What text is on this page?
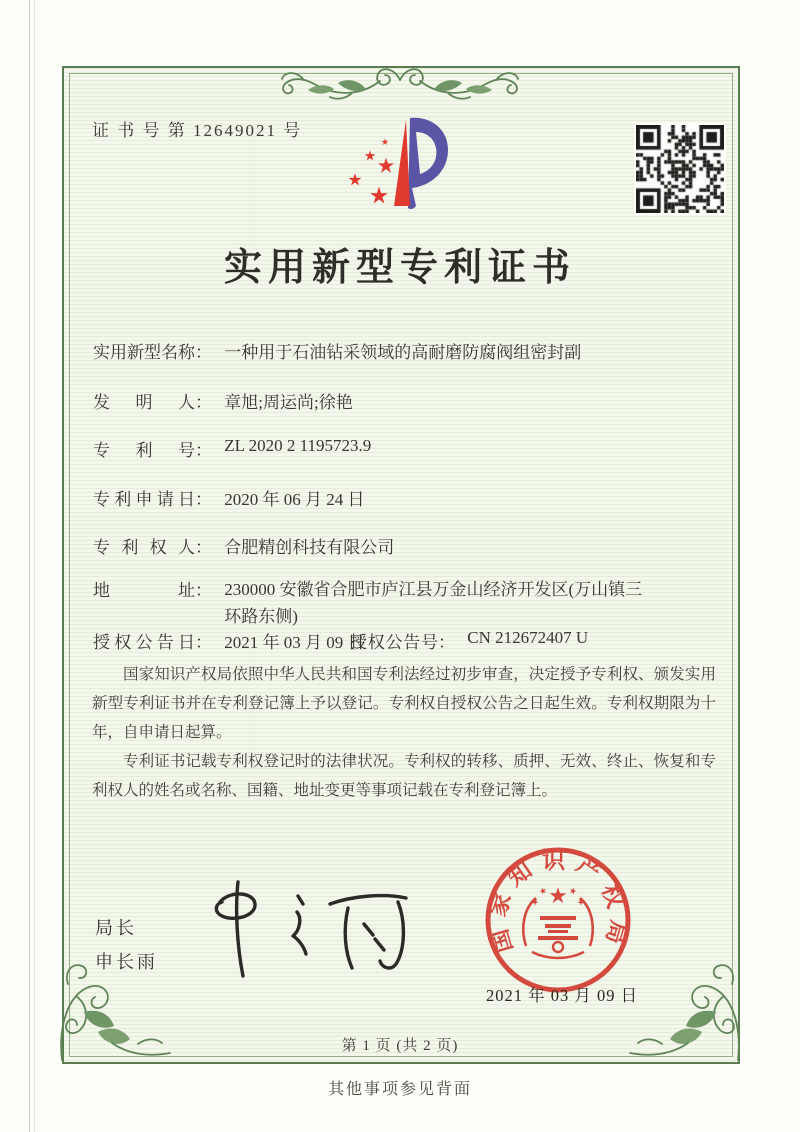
证 书 号 第 12649021 号
实用新型专利证书
实用新型名称： 一种用于石油钻采领域的高耐磨防腐阀组密封副
发明人： 章旭;周运尚;徐艳
专利号： ZL 2020 2 1195723.9
专利申请日： 2020 年 06 月 24 日
专利权人： 合肥精创科技有限公司
地址： 230000 安徽省合肥市庐江县万金山经济开发区(万山镇三
环路东侧)
授权公告日： 2021 年 03 月 09 日
授权公告号： CN 212672407 U

国家知识产权局依照中华人民共和国专利法经过初步审查，决定授予专利权、颁发实用新型专利证书并在专利登记簿上予以登记。专利权自授权公告之日起生效。专利权期限为十年，自申请日起算。

专利证书记载专利权登记时的法律状况。专利权的转移、质押、无效、终止、恢复和专利权人的姓名或名称、国籍、地址变更等事项记载在专利登记簿上。

局长
申长雨
国家知识产权局
2021 年 03 月 09 日
第 1 页 (共 2 页)
其他事项参见背面
